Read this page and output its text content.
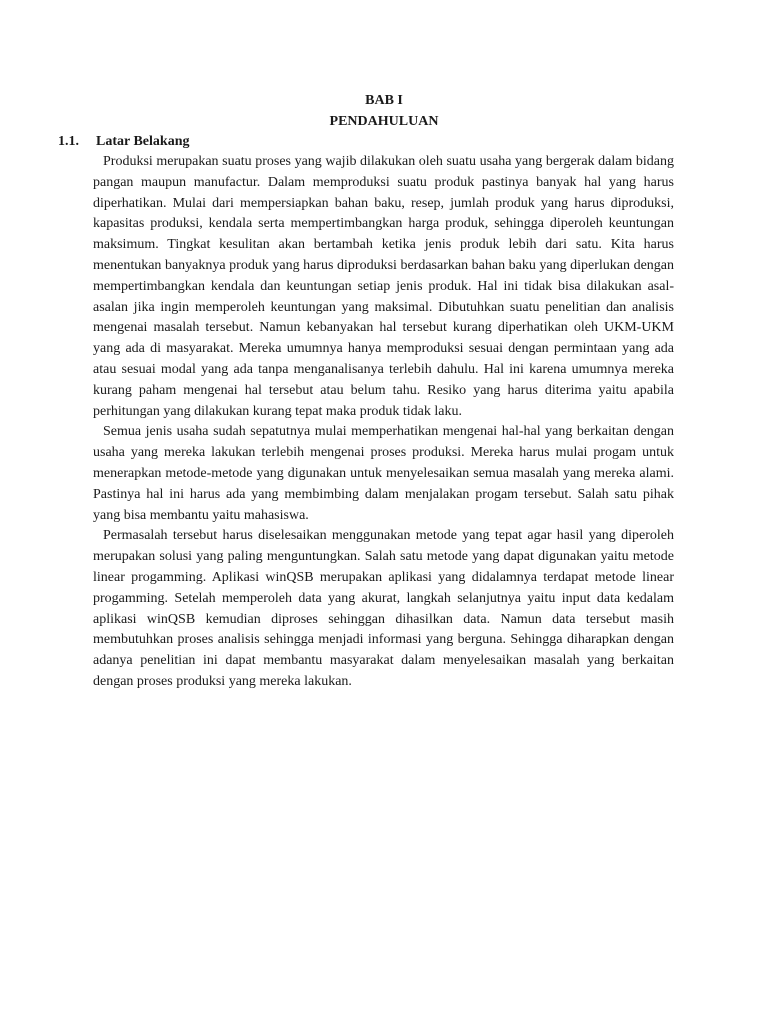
BAB I
PENDAHULUAN
1.1. Latar Belakang

Produksi merupakan suatu proses yang wajib dilakukan oleh suatu usaha yang bergerak dalam bidang pangan maupun manufactur. Dalam memproduksi suatu produk pastinya banyak hal yang harus diperhatikan. Mulai dari mempersiapkan bahan baku, resep, jumlah produk yang harus diproduksi, kapasitas produksi, kendala serta mempertimbangkan harga produk, sehingga diperoleh keuntungan maksimum. Tingkat kesulitan akan bertambah ketika jenis produk lebih dari satu. Kita harus menentukan banyaknya produk yang harus diproduksi berdasarkan bahan baku yang diperlukan dengan mempertimbangkan kendala dan keuntungan setiap jenis produk. Hal ini tidak bisa dilakukan asal-asalan jika ingin memperoleh keuntungan yang maksimal. Dibutuhkan suatu penelitian dan analisis mengenai masalah tersebut. Namun kebanyakan hal tersebut kurang diperhatikan oleh UKM-UKM yang ada di masyarakat. Mereka umumnya hanya memproduksi sesuai dengan permintaan yang ada atau sesuai modal yang ada tanpa menganalisanya terlebih dahulu. Hal ini karena umumnya mereka kurang paham mengenai hal tersebut atau belum tahu. Resiko yang harus diterima yaitu apabila perhitungan yang dilakukan kurang tepat maka produk tidak laku.

Semua jenis usaha sudah sepatutnya mulai memperhatikan mengenai hal-hal yang berkaitan dengan usaha yang mereka lakukan terlebih mengenai proses produksi. Mereka harus mulai progam untuk menerapkan metode-metode yang digunakan untuk menyelesaikan semua masalah yang mereka alami. Pastinya hal ini harus ada yang membimbing dalam menjalakan progam tersebut. Salah satu pihak yang bisa membantu yaitu mahasiswa.

Permasalah tersebut harus diselesaikan menggunakan metode yang tepat agar hasil yang diperoleh merupakan solusi yang paling menguntungkan. Salah satu metode yang dapat digunakan yaitu metode linear progamming. Aplikasi winQSB merupakan aplikasi yang didalamnya terdapat metode linear progamming. Setelah memperoleh data yang akurat, langkah selanjutnya yaitu input data kedalam aplikasi winQSB kemudian diproses sehinggan dihasilkan data. Namun data tersebut masih membutuhkan proses analisis sehingga menjadi informasi yang berguna. Sehingga diharapkan dengan adanya penelitian ini dapat membantu masyarakat dalam menyelesaikan masalah yang berkaitan dengan proses produksi yang mereka lakukan.
